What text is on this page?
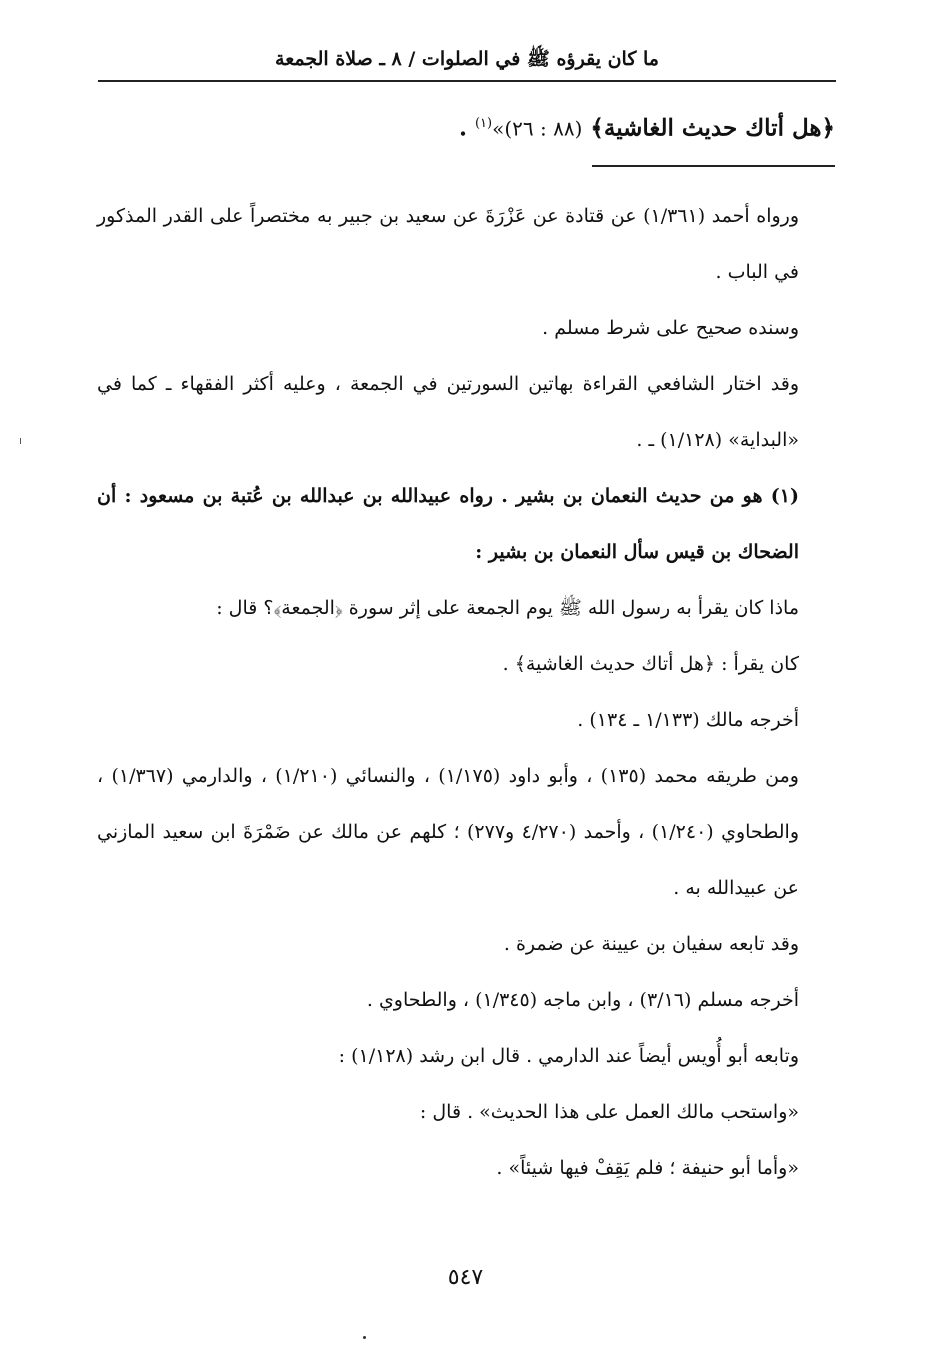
ما كان يقرؤه ﷺ في الصلوات / ٨ ـ صلاة الجمعة
﴿هل أتاك حديث الغاشية﴾ (٨٨ : ٢٦)»$^{(١)}$ .

ورواه أحمد (١/٣٦١) عن قتادة عن عَزْرَةَ عن سعيد بن جبير به مختصراً على القدر المذكور في الباب .

وسنده صحيح على شرط مسلم .

وقد اختار الشافعي القراءة بهاتين السورتين في الجمعة ، وعليه أكثر الفقهاء ـ كما في «البداية» (١/١٢٨) ـ .

(١) هو من حديث النعمان بن بشير . رواه عبيدالله بن عبدالله بن عُتبة بن مسعود : أن الضحاك بن قيس سأل النعمان بن بشير :

ماذا كان يقرأ به رسول الله ﷺ يوم الجمعة على إثر سورة ﴿الجمعة﴾؟ قال :

كان يقرأ : ﴿هل أتاك حديث الغاشية﴾ .

أخرجه مالك (١/١٣٣ ـ ١٣٤) .

ومن طريقه محمد (١٣٥) ، وأبو داود (١/١٧٥) ، والنسائي (١/٢١٠) ، والدارمي (١/٣٦٧) ، والطحاوي (١/٢٤٠) ، وأحمد (٤/٢٧٠ و٢٧٧) ؛ كلهم عن مالك عن ضَمْرَةَ ابن سعيد المازني عن عبيدالله به .

وقد تابعه سفيان بن عيينة عن ضمرة .

أخرجه مسلم (٣/١٦) ، وابن ماجه (١/٣٤٥) ، والطحاوي .

وتابعه أبو أُويس أيضاً عند الدارمي . قال ابن رشد (١/١٢٨) :

«واستحب مالك العمل على هذا الحديث» . قال :

«وأما أبو حنيفة ؛ فلم يَقِفْ فيها شيئاً» .

٥٤٧
